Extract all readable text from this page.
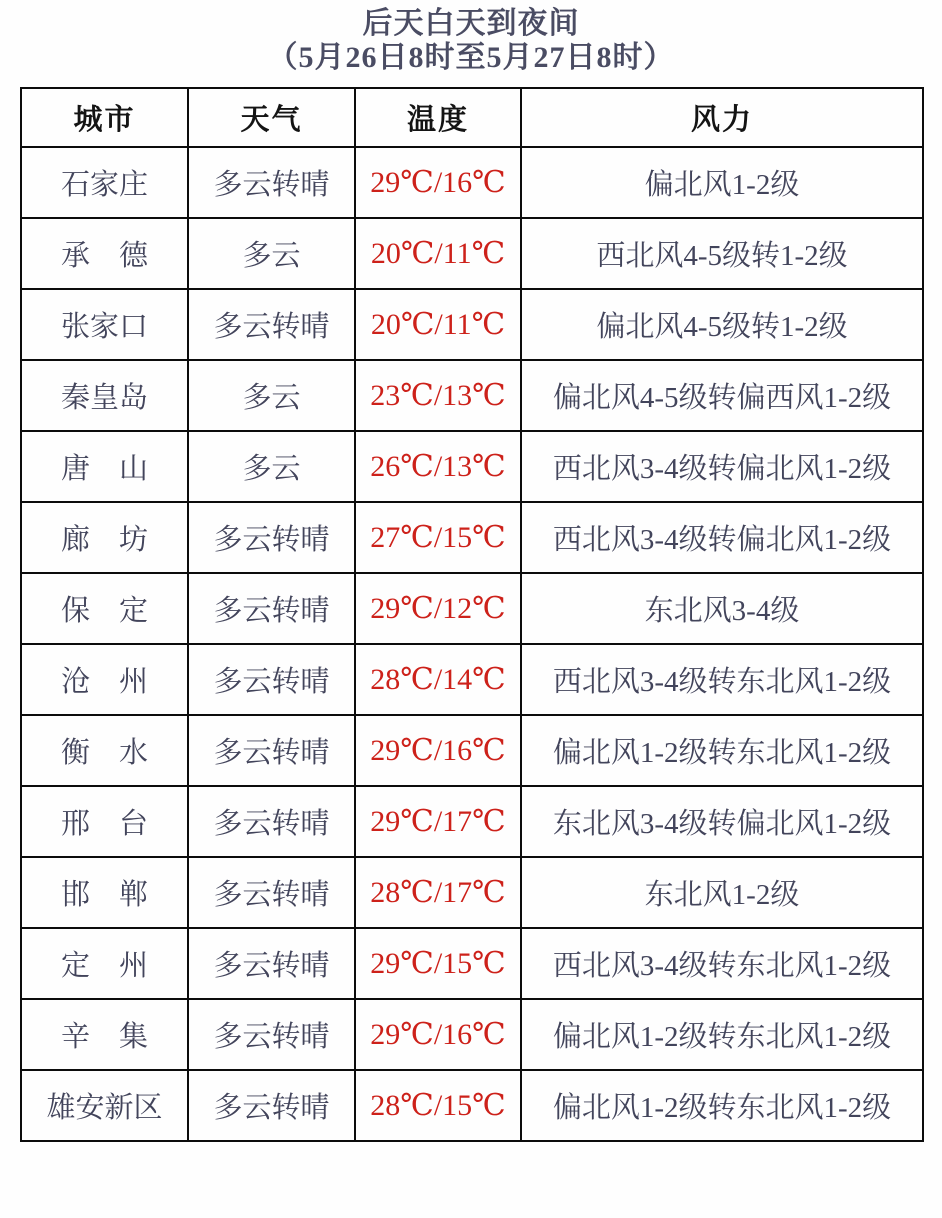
后天白天到夜间
（5月26日8时至5月27日8时）
城市	天气	温度	风力
石家庄	多云转晴	29℃/16℃	偏北风1-2级
承　德	多云	20℃/11℃	西北风4-5级转1-2级
张家口	多云转晴	20℃/11℃	偏北风4-5级转1-2级
秦皇岛	多云	23℃/13℃	偏北风4-5级转偏西风1-2级
唐　山	多云	26℃/13℃	西北风3-4级转偏北风1-2级
廊　坊	多云转晴	27℃/15℃	西北风3-4级转偏北风1-2级
保　定	多云转晴	29℃/12℃	东北风3-4级
沧　州	多云转晴	28℃/14℃	西北风3-4级转东北风1-2级
衡　水	多云转晴	29℃/16℃	偏北风1-2级转东北风1-2级
邢　台	多云转晴	29℃/17℃	东北风3-4级转偏北风1-2级
邯　郸	多云转晴	28℃/17℃	东北风1-2级
定　州	多云转晴	29℃/15℃	西北风3-4级转东北风1-2级
辛　集	多云转晴	29℃/16℃	偏北风1-2级转东北风1-2级
雄安新区	多云转晴	28℃/15℃	偏北风1-2级转东北风1-2级
